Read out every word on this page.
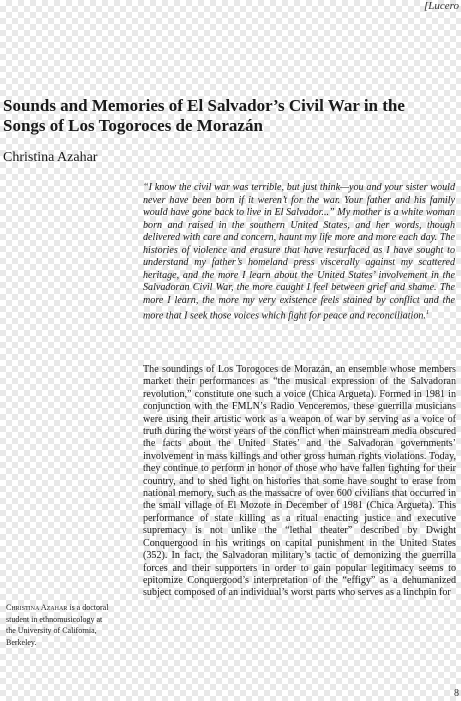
[Lucero
Sounds and Memories of El Salvador’s Civil War in the
Songs of Los Togoroces de Morazán

Christina Azahar

“I know the civil war was terrible, but just think—you and your sister would never have been born if it weren’t for the war. Your father and his family would have gone back to live in El Salvador...” My mother is a white woman born and raised in the southern United States, and her words, though delivered with care and concern, haunt my life more and more each day. The histories of violence and erasure that have resurfaced as I have sought to understand my father’s homeland press viscerally against my scattered heritage, and the more I learn about the United States’ involvement in the Salvadoran Civil War, the more caught I feel between grief and shame. The more I learn, the more my very existence feels stained by conflict and the more that I seek those voices which fight for peace and reconciliation.$^1$

The soundings of Los Torogoces de Morazán, an ensemble whose members market their performances as “the musical expression of the Salvadoran revolution,” constitute one such a voice (Chica Argueta). Formed in 1981 in conjunction with the FMLN’s Radio Venceremos, these guerrilla musicians were using their artistic work as a weapon of war by serving as a voice of truth during the worst years of the conflict when mainstream media obscured the facts about the United States’ and the Salvadoran governments’ involvement in mass killings and other gross human rights violations. Today, they continue to perform in honor of those who have fallen fighting for their country, and to shed light on histories that some have sought to erase from national memory, such as the massacre of over 600 civilians that occurred in the small village of El Mozote in December of 1981 (Chica Argueta). This performance of state killing as a ritual enacting justice and executive supremacy is not unlike the “lethal theater” described by Dwight Conquergood in his writings on capital punishment in the United States (352). In fact, the Salvadoran military’s tactic of demonizing the guerrilla forces and their supporters in order to gain popular legitimacy seems to epitomize Conquergood’s interpretation of the “effigy” as a dehumanized subject composed of an individual’s worst parts who serves as a linchpin for

Christina Azahar is a doctoral student in ethnomusicology at the University of California, Berkeley.

8
